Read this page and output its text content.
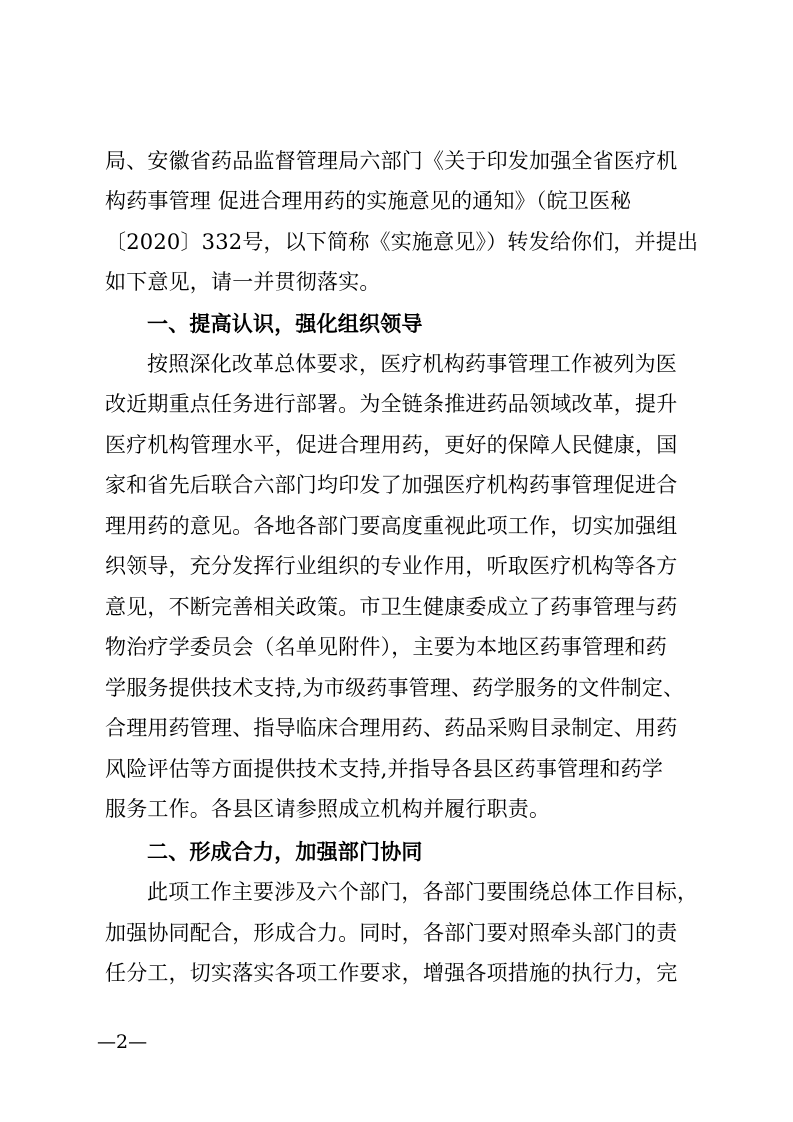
局、安徽省药品监督管理局六部门《关于印发加强全省医疗机
构药事管理 促进合理用药的实施意见的通知》（皖卫医秘
〔2020〕332号，以下简称《实施意见》）转发给你们，并提出
如下意见，请一并贯彻落实。
一、提高认识，强化组织领导
按照深化改革总体要求，医疗机构药事管理工作被列为医
改近期重点任务进行部署。为全链条推进药品领域改革，提升
医疗机构管理水平，促进合理用药，更好的保障人民健康，国
家和省先后联合六部门均印发了加强医疗机构药事管理促进合
理用药的意见。各地各部门要高度重视此项工作，切实加强组
织领导，充分发挥行业组织的专业作用，听取医疗机构等各方
意见，不断完善相关政策。市卫生健康委成立了药事管理与药
物治疗学委员会（名单见附件），主要为本地区药事管理和药
学服务提供技术支持,为市级药事管理、药学服务的文件制定、
合理用药管理、指导临床合理用药、药品采购目录制定、用药
风险评估等方面提供技术支持,并指导各县区药事管理和药学
服务工作。各县区请参照成立机构并履行职责。
二、形成合力，加强部门协同
此项工作主要涉及六个部门，各部门要围绕总体工作目标，
加强协同配合，形成合力。同时，各部门要对照牵头部门的责
任分工，切实落实各项工作要求，增强各项措施的执行力，完
—2—
